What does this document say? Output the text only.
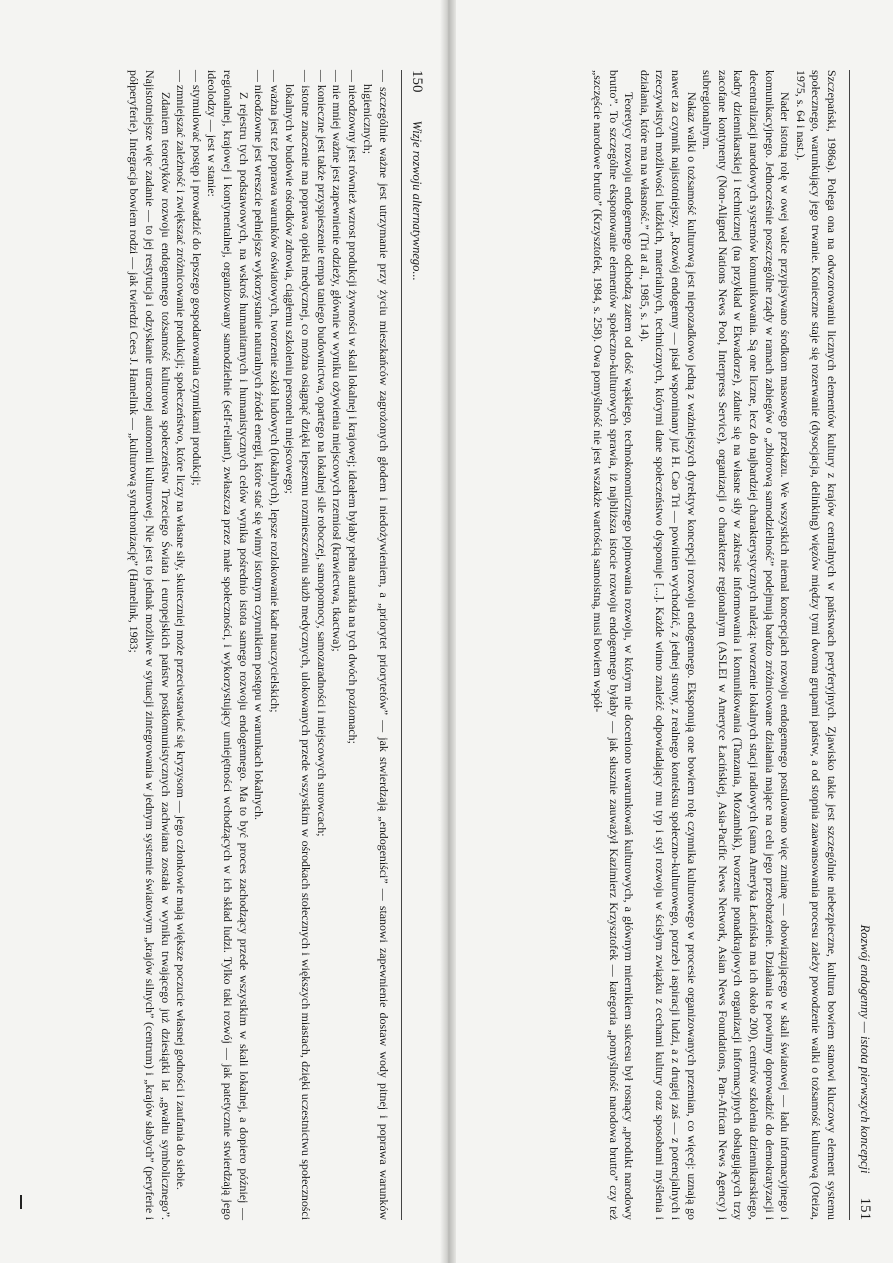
150
Wizje rozwoju alternatywnego...

— szczególnie ważne jest utrzymanie przy życiu mieszkańców zagrożonych głodem i niedożywieniem, a „priorytet priorytetów” — jak stwierdzają „endogeniści” — stanowi zapewnienie dostaw wody pitnej i poprawa warunków higienicznych;

— nieodzowny jest również wzrost produkcji żywności w skali lokalnej i krajowej; ideałem byłaby pełna autarkia na tych dwóch poziomach;

— nie mniej ważne jest zapewnienie odzieży, głównie w wyniku ożywienia miejscowych rzemiosł (krawiectwa, tkactwa);

— konieczne jest także przyspieszenie tempa taniego budownictwa, opartego na lokalnej sile roboczej, samopomocy, samozaradności i miejscowych surowcach;

— istotne znaczenie ma poprawa opieki medycznej, co można osiągnąć dzięki lepszemu rozmieszczeniu służb medycznych, ulokowanych przede wszystkim w ośrodkach stołecznych i większych miastach, dzięki uczestnictwu społeczności lokalnych w budowie ośrodków zdrowia, ciągłemu szkoleniu personelu miejscowego;

— ważna jest też poprawa warunków oświatowych, tworzenie szkół ludowych (lokalnych), lepsze rozlokowanie kadr nauczycielskich;

— nieodzowne jest wreszcie pełniejsze wykorzystanie naturalnych źródeł energii, które stać się winny istotnym czynnikiem postępu w warunkach lokalnych.

Z rejestru tych podstawowych, na wskroś humanitarnych i humanistycznych celów wynika pośrednio istota samego rozwoju endogennego. Ma to być proces zachodzący przede wszystkim w skali lokalnej, a dopiero później — regionalnej, krajowej i kontynentalnej, organizowany samodzielnie (self-reliant), zwłaszcza przez małe społeczności, i wykorzystujący umiejętności wchodzących w ich skład ludzi. Tylko taki rozwój — jak patetycznie stwierdzają jego ideolodzy — jest w stanie:

— stymulować postęp i prowadzić do lepszego gospodarowania czynnikami produkcji;

— zmniejszać zależność i zwiększać zróżnicowanie produkcji; społeczeństwo, które liczy na własne siły, skuteczniej może przeciwstawiać się kryzysom — jego członkowie mają większe poczucie własnej godności i zaufania do siebie.

Zdaniem teoretyków rozwoju endogennego tożsamość kulturowa społeczeństw Trzeciego Świata i europejskich państw postkomunistycznych zachwiana została w wyniku trwającego już dziesiątki lat „gwałtu symbolicznego”. Najistotniejsze więc zadanie — to jej restytucja i odzyskanie utraconej autonomii kulturowej. Nie jest to jednak możliwe w sytuacji zintegrowania w jednym systemie światowym „krajów silnych” (centrum) i „krajów słabych” (peryferie i półperyferie). Integracja bowiem rodzi — jak twierdzi Cees J. Hamelink — „kulturową synchronizację” (Hamelink, 1983;

Rozwój endogenny — istota pierwszych koncepcji
151

Szczepański, 1986a). Polega ona na odwzorowaniu licznych elementów kultury z krajów centralnych w państwach peryferyjnych. Zjawisko takie jest szczególnie niebezpieczne, kultura bowiem stanowi kluczowy element systemu społecznego, warunkujący jego trwanie. Konieczne staje się rozerwanie (dysocjacja, delinking) więzów między tymi dwoma grupami państw, a od stopnia zaawansowania procesu zależy powodzenie walki o tożsamość kulturową (Oteiza, 1975, s. 64 i nast.).

Nader istotną rolę w owej walce przypisywano środkom masowego przekazu. We wszystkich niemal koncepcjach rozwoju endogennego postulowano więc zmianę — obowiązującego w skali światowej — ładu informacyjnego i komunikacyjnego. Jednocześnie poszczególne rządy w ramach zabiegów o „zbiorową samodzielność” podejmują bardzo zróżnicowane działania mające na celu jego przeobrażenie. Działania te powinny doprowadzić do demokratyzacji i decentralizacji narodowych systemów komunikowania. Są one liczne, lecz do najbardziej charakterystycznych należą: tworzenie lokalnych stacji radiowych (sama Ameryka Łacińska ma ich około 200), centrów szkolenia dziennikarskiego, kadry dziennikarskiej i technicznej (na przykład w Ekwadorze), zdanie się na własne siły w zakresie informowania i komunikowania (Tanzania, Mozambik), tworzenie ponadkrajowych organizacji informacyjnych obsługujących trzy zacofane kontynenty (Non-Aligned Nations News Pool, Interpress Service), organizacji o charakterze regionalnym (ASLEI w Ameryce Łacińskiej, Asia-Pacific News Network, Asian News Foundations, Pan-African News Agency) i subregionalnym.

Nakaz walki o tożsamość kulturową jest niepozadkowo jedną z ważniejszych dyrektyw koncepcji rozwoju endogennego. Eksponują one bowiem rolę czynnika kulturowego w procesie organizowanych przemian, co więcej: uznają go nawet za czynnik najistotniejszy. „Rozwój endogenny — pisał wspominany już H. Cao Tri — powinien wychodzić, z jednej strony, z realnego kontekstu społeczno-kulturowego, potrzeb i aspiracji ludzi, a z drugiej zaś — z potencjalnych i rzeczywistych możliwości ludzkich, materialnych, technicznych, którymi dane społeczeństwo dysponuje [...]. Każde winno znaleźć odpowiadający mu typ i styl rozwoju w ścisłym związku z cechami kultury oraz sposobami myślenia i działania, które ma na własność.” (Tri at al., 1985, s. 14).

Teoretycy rozwoju endogennego odchodzą zatem od dość wąskiego, technokonomicznego pojmowania rozwoju, w którym nie doceniono uwarunkowań kulturowych, a głównym miernikiem sukcesu był rosnący „produkt narodowy brutto”. To szczególne eksponowanie elementów społeczno-kulturowych sprawia, iż najbliższa istocie rozwoju endogennego byłaby — jak słusznie zauważył Kazimierz Krzysztofek — kategoria „pomyślność narodowa brutto” czy też „szczęście narodowe brutto” (Krzysztofek, 1984, s. 258). Owa pomyślność nie jest wszakże wartością samoistną, musi bowiem współ-
